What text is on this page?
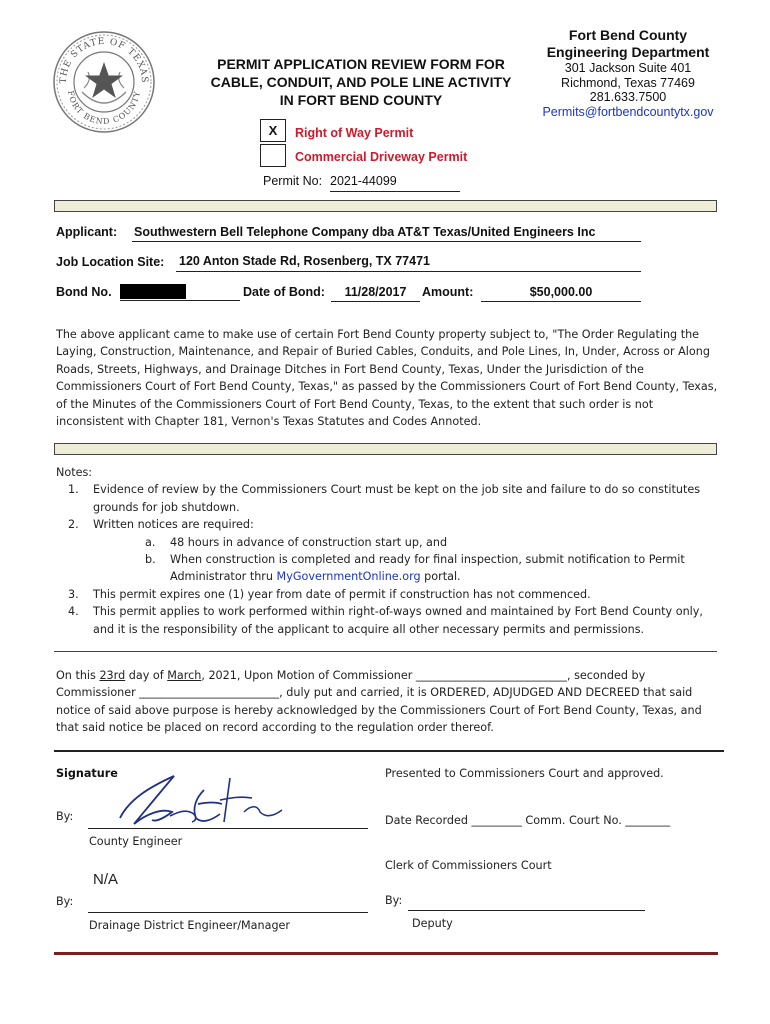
THE STATE OF TEXAS
FORT BEND COUNTY
PERMIT APPLICATION REVIEW FORM FOR
CABLE, CONDUIT, AND POLE LINE ACTIVITY
IN FORT BEND COUNTY
Fort Bend County
Engineering Department
301 Jackson Suite 401
Richmond, Texas 77469
281.633.7500
Permits@fortbendcountytx.gov
X	Right of Way Permit
Commercial Driveway Permit
Permit No: 2021-44099
Applicant: Southwestern Bell Telephone Company dba AT&T Texas/United Engineers Inc
Job Location Site: 120 Anton Stade Rd, Rosenberg, TX 77471
Bond No.	Date of Bond:	11/28/2017	Amount:	$50,000.00
The above applicant came to make use of certain Fort Bend County property subject to, "The Order Regulating the
Laying, Construction, Maintenance, and Repair of Buried Cables, Conduits, and Pole Lines, In, Under, Across or Along
Roads, Streets, Highways, and Drainage Ditches in Fort Bend County, Texas, Under the Jurisdiction of the
Commissioners Court of Fort Bend County, Texas," as passed by the Commissioners Court of Fort Bend County, Texas,
of the Minutes of the Commissioners Court of Fort Bend County, Texas, to the extent that such order is not
inconsistent with Chapter 181, Vernon's Texas Statutes and Codes Annoted.
Notes:
1. Evidence of review by the Commissioners Court must be kept on the job site and failure to do so constitutes
grounds for job shutdown.
2. Written notices are required:
a. 48 hours in advance of construction start up, and
b. When construction is completed and ready for final inspection, submit notification to Permit
Administrator thru MyGovernmentOnline.org portal.
3. This permit expires one (1) year from date of permit if construction has not commenced.
4. This permit applies to work performed within right-of-ways owned and maintained by Fort Bend County only,
and it is the responsibility of the applicant to acquire all other necessary permits and permissions.
On this 23rd day of March, 2021, Upon Motion of Commissioner ___________________________, seconded by
Commissioner _________________________, duly put and carried, it is ORDERED, ADJUDGED AND DECREED that said
notice of said above purpose is hereby acknowledged by the Commissioners Court of Fort Bend County, Texas, and
that said notice be placed on record according to the regulation order thereof.
Signature
By:
County Engineer
N/A
By:
Drainage District Engineer/Manager
Presented to Commissioners Court and approved.
Date Recorded _________ Comm. Court No. ________
Clerk of Commissioners Court
By:
Deputy
